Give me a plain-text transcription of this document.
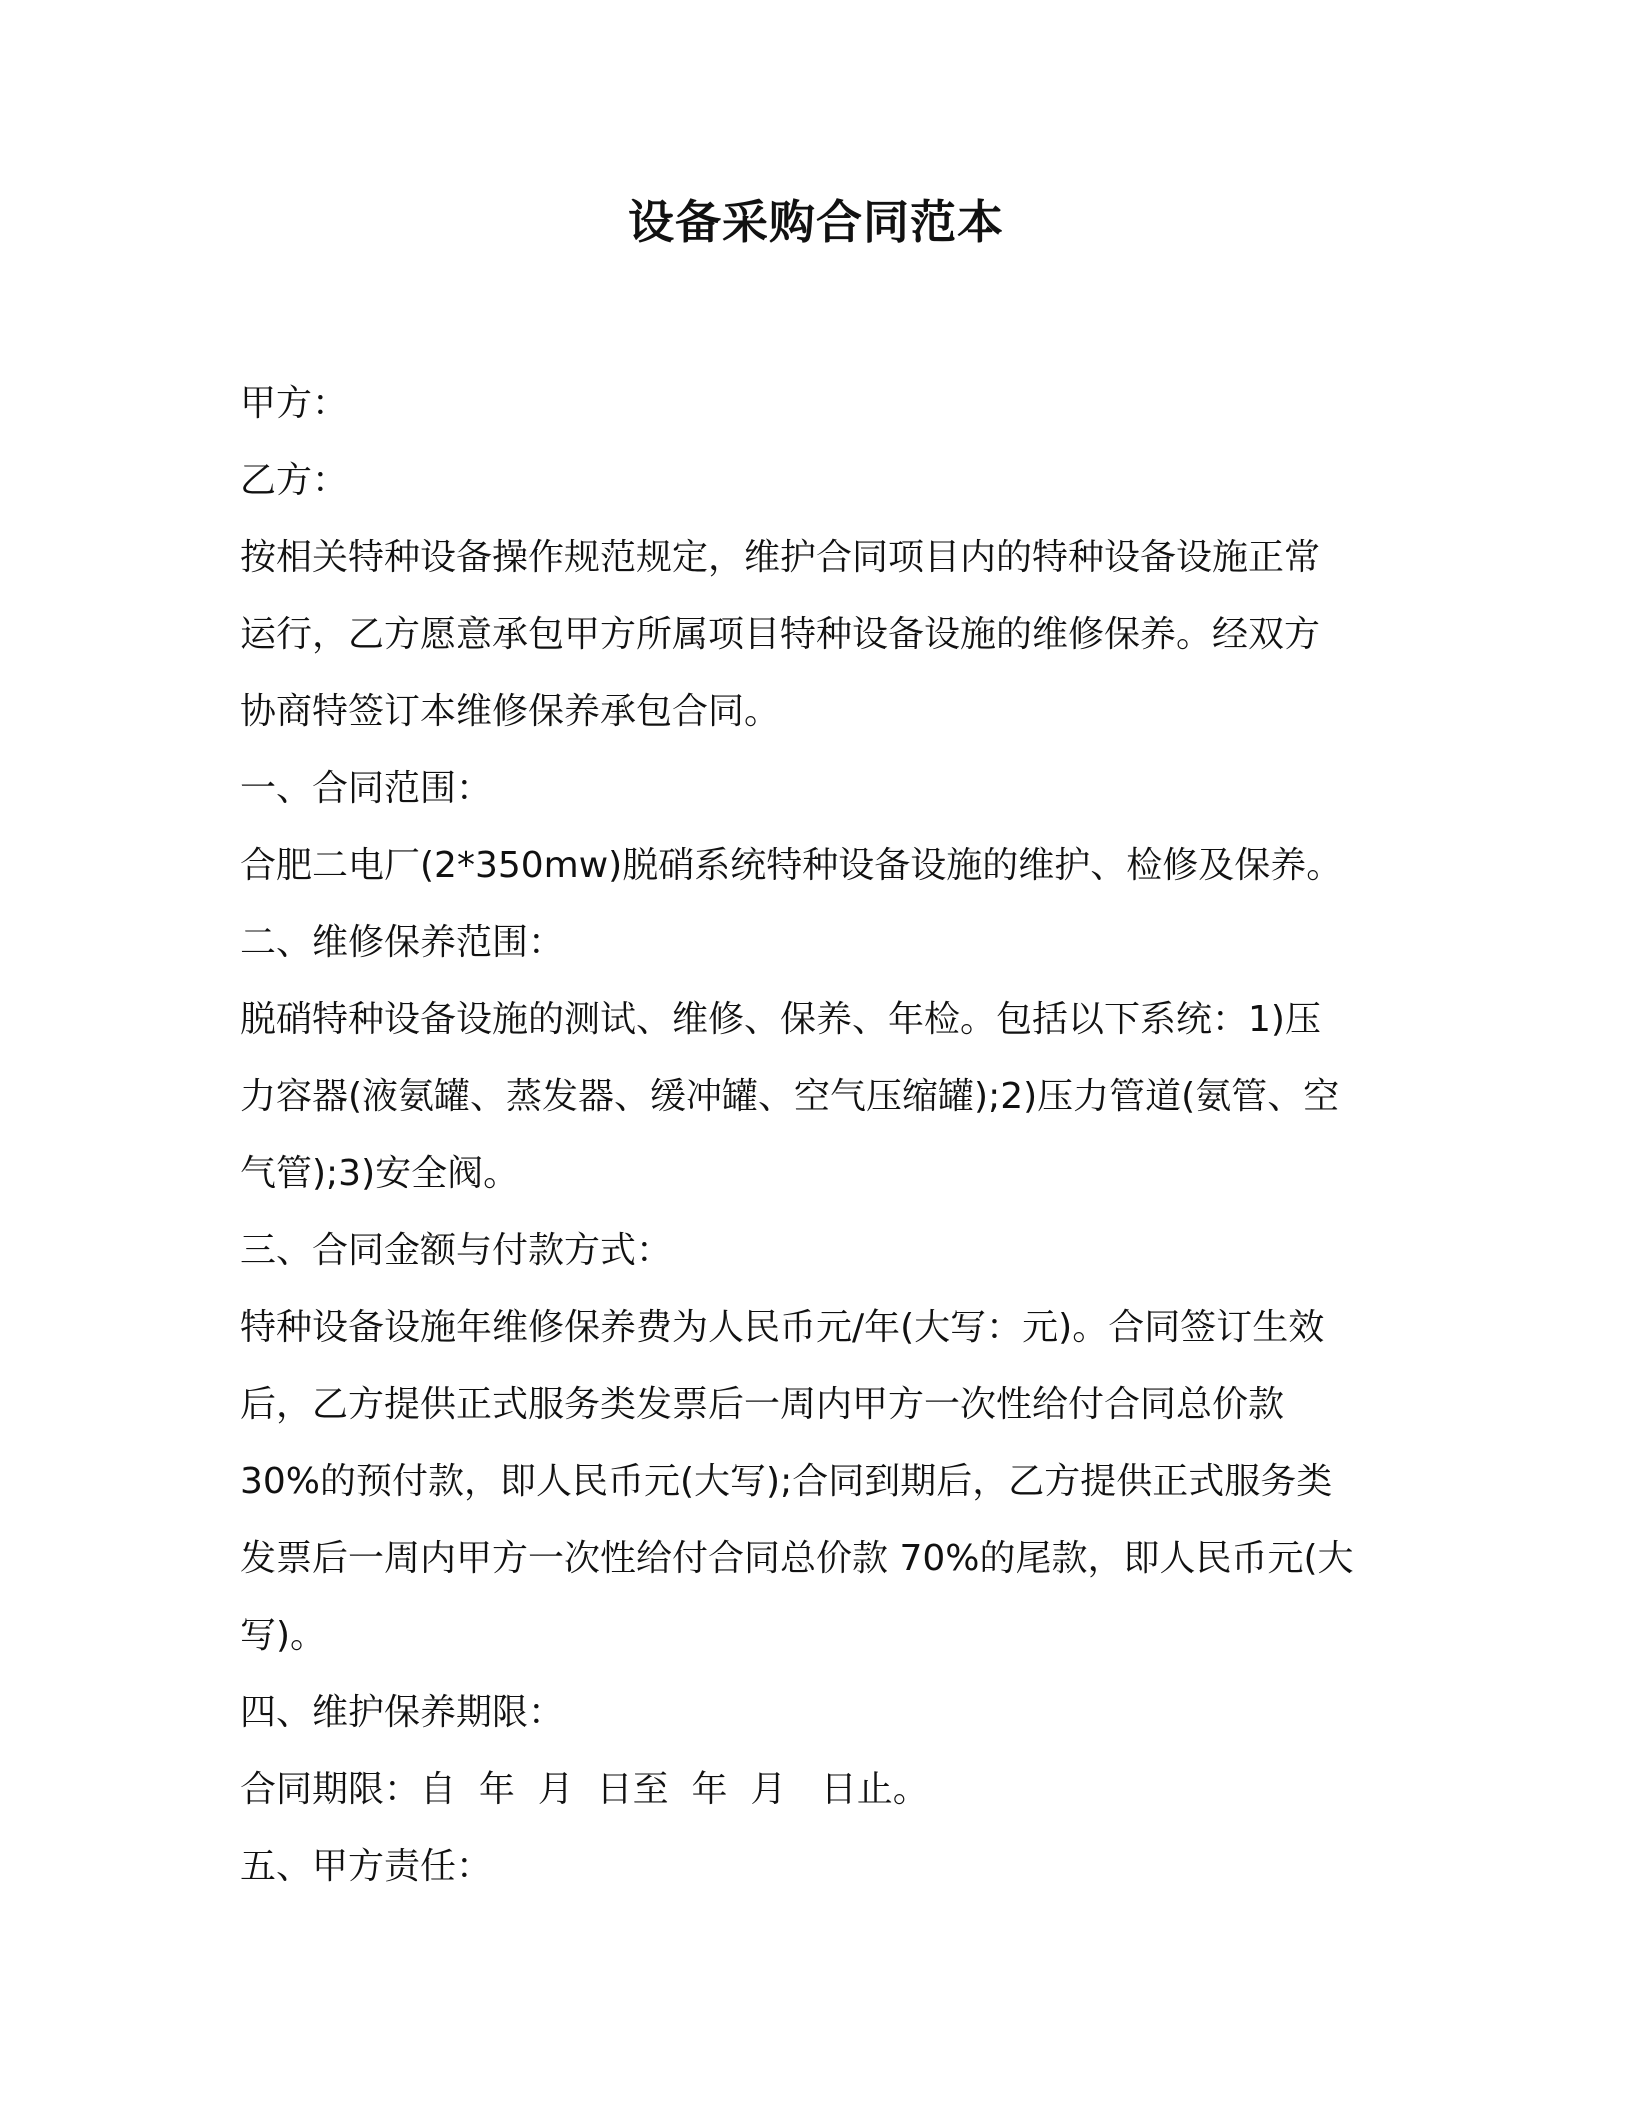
设备采购合同范本
甲方：
乙方：
按相关特种设备操作规范规定，维护合同项目内的特种设备设施正常
运行，乙方愿意承包甲方所属项目特种设备设施的维修保养。经双方
协商特签订本维修保养承包合同。
一、合同范围：
合肥二电厂(2*350mw)脱硝系统特种设备设施的维护、检修及保养。
二、维修保养范围：
脱硝特种设备设施的测试、维修、保养、年检。包括以下系统：1)压
力容器(液氨罐、蒸发器、缓冲罐、空气压缩罐);2)压力管道(氨管、空
气管);3)安全阀。
三、合同金额与付款方式：
特种设备设施年维修保养费为人民币元/年(大写：元)。合同签订生效
后，乙方提供正式服务类发票后一周内甲方一次性给付合同总价款
30%的预付款，即人民币元(大写);合同到期后，乙方提供正式服务类
发票后一周内甲方一次性给付合同总价款 70%的尾款，即人民币元(大
写)。
四、维护保养期限：
合同期限：自  年  月  日至  年  月   日止。
五、甲方责任：
